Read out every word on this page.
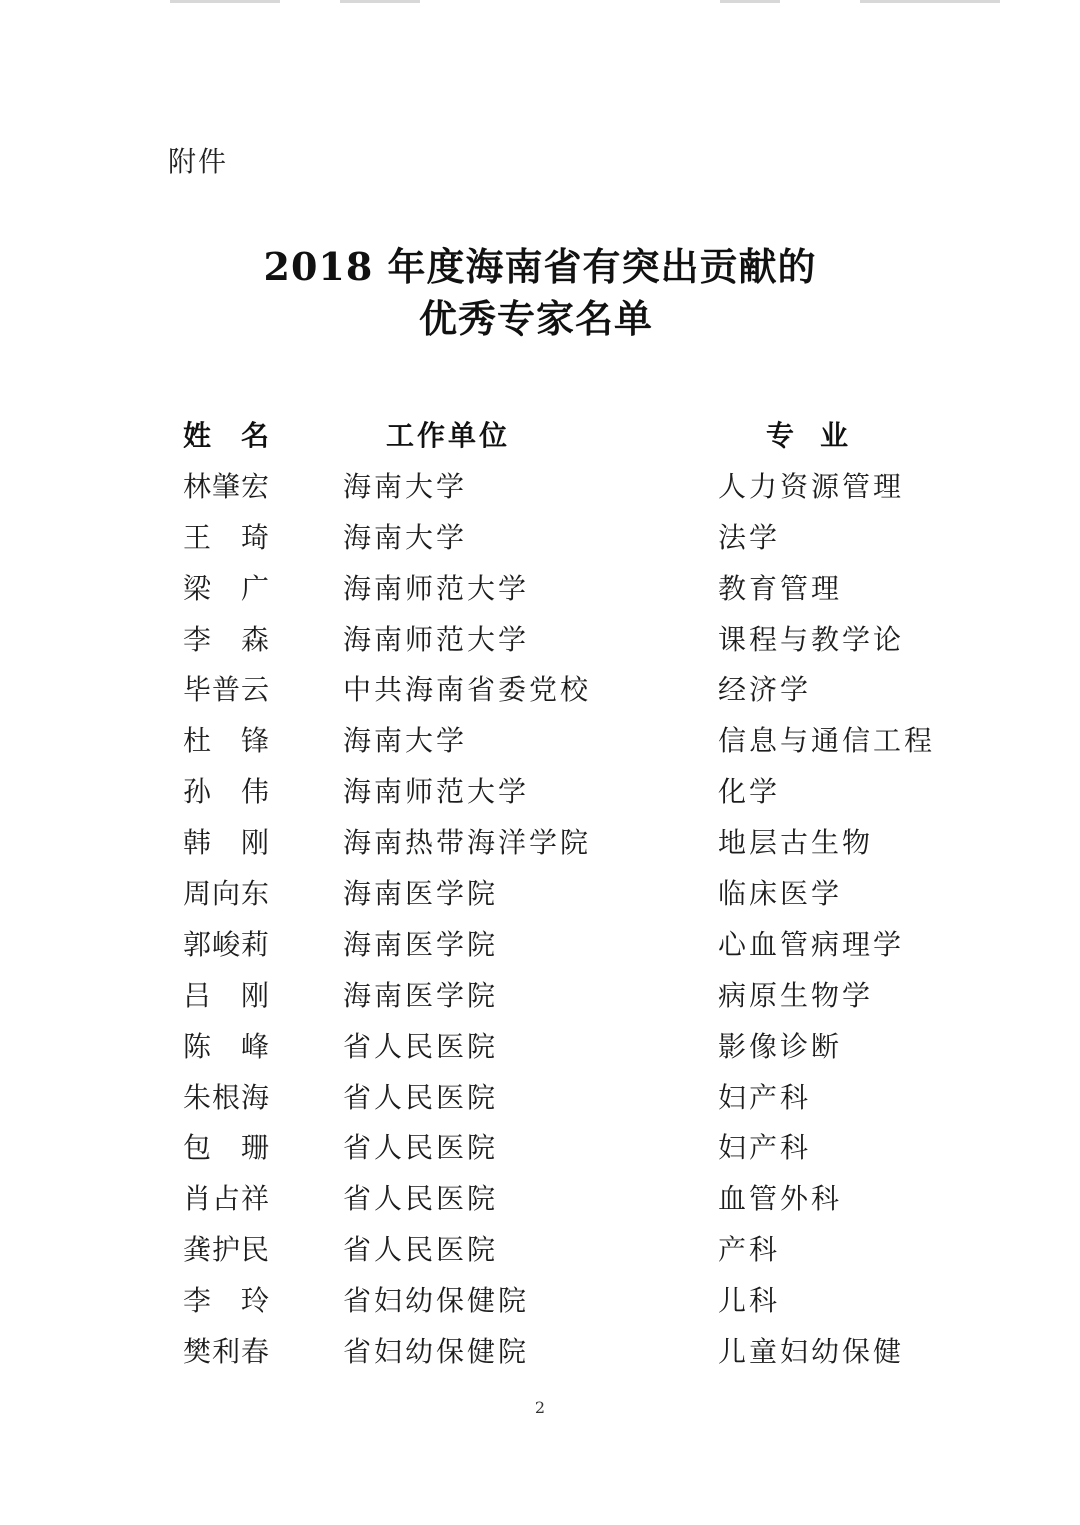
附件
2018 年度海南省有突出贡献的
优秀专家名单
姓 名	工作单位	专 业
林 肇 宏	海南大学	人力资源管理
王 琦	海南大学	法学
梁 广	海南师范大学	教育管理
李 森	海南师范大学	课程与教学论
毕 普 云	中共海南省委党校	经济学
杜 锋	海南大学	信息与通信工程
孙 伟	海南师范大学	化学
韩 刚	海南热带海洋学院	地层古生物
周 向 东	海南医学院	临床医学
郭 峻 莉	海南医学院	心血管病理学
吕 刚	海南医学院	病原生物学
陈 峰	省人民医院	影像诊断
朱 根 海	省人民医院	妇产科
包 珊	省人民医院	妇产科
肖 占 祥	省人民医院	血管外科
龚 护 民	省人民医院	产科
李 玲	省妇幼保健院	儿科
樊 利 春	省妇幼保健院	儿童妇幼保健
2
